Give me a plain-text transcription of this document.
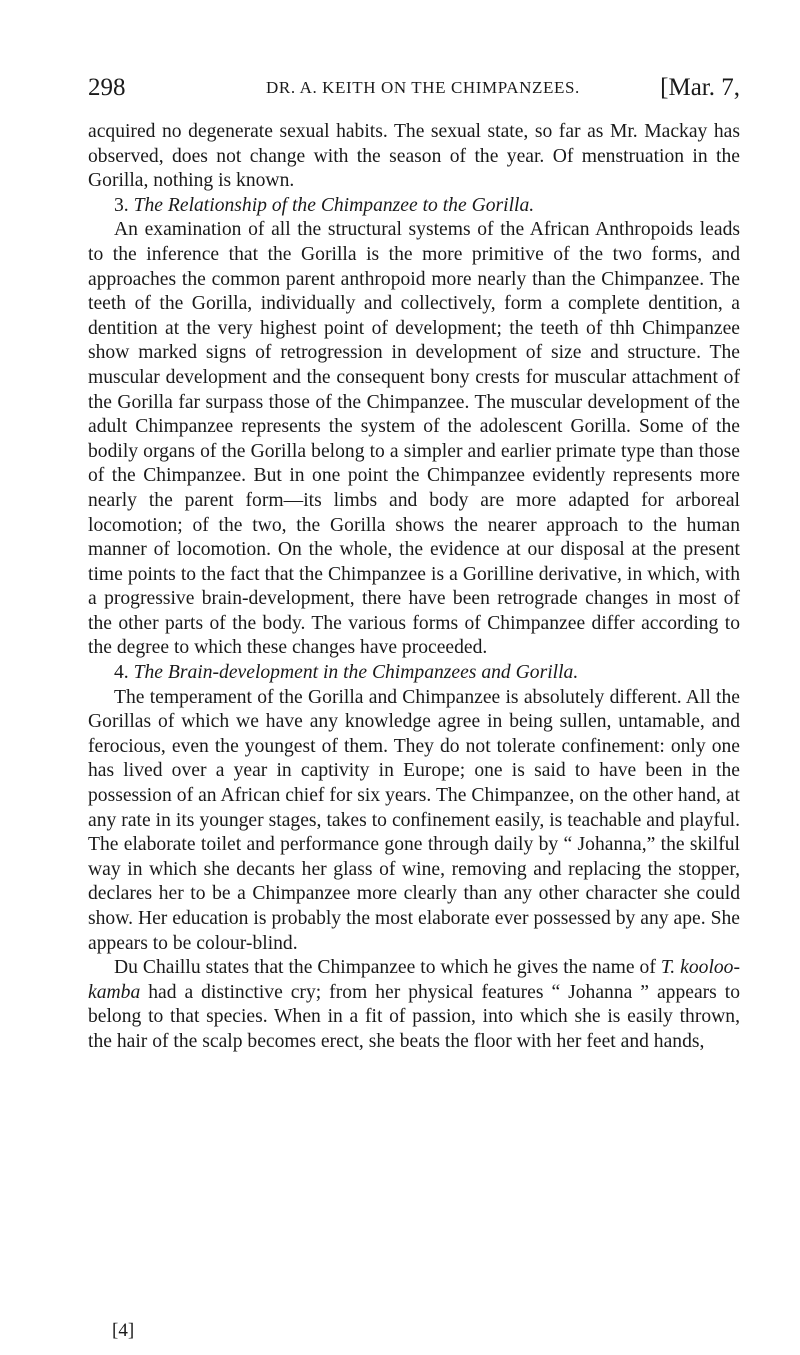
298	DR. A. KEITH ON THE CHIMPANZEES.	[Mar. 7,

acquired no degenerate sexual habits. The sexual state, so far as Mr. Mackay has observed, does not change with the season of the year. Of menstruation in the Gorilla, nothing is known.

3. The Relationship of the Chimpanzee to the Gorilla.

An examination of all the structural systems of the African Anthropoids leads to the inference that the Gorilla is the more primitive of the two forms, and approaches the common parent anthropoid more nearly than the Chimpanzee. The teeth of the Gorilla, individually and collectively, form a complete dentition, a dentition at the very highest point of development; the teeth of thh Chimpanzee show marked signs of retrogression in development of size and structure. The muscular development and the consequent bony crests for muscular attachment of the Gorilla far surpass those of the Chimpanzee. The muscular development of the adult Chimpanzee represents the system of the adolescent Gorilla. Some of the bodily organs of the Gorilla belong to a simpler and earlier primate type than those of the Chimpanzee. But in one point the Chimpanzee evidently represents more nearly the parent form—its limbs and body are more adapted for arboreal locomotion; of the two, the Gorilla shows the nearer approach to the human manner of locomotion. On the whole, the evidence at our disposal at the present time points to the fact that the Chimpanzee is a Gorilline derivative, in which, with a progressive brain-development, there have been retrograde changes in most of the other parts of the body. The various forms of Chimpanzee differ according to the degree to which these changes have proceeded.

4. The Brain-development in the Chimpanzees and Gorilla.

The temperament of the Gorilla and Chimpanzee is absolutely different. All the Gorillas of which we have any knowledge agree in being sullen, untamable, and ferocious, even the youngest of them. They do not tolerate confinement: only one has lived over a year in captivity in Europe; one is said to have been in the possession of an African chief for six years. The Chimpanzee, on the other hand, at any rate in its younger stages, takes to confinement easily, is teachable and playful. The elaborate toilet and performance gone through daily by “ Johanna,” the skilful way in which she decants her glass of wine, removing and replacing the stopper, declares her to be a Chimpanzee more clearly than any other character she could show. Her education is probably the most elaborate ever possessed by any ape. She appears to be colour-blind.

Du Chaillu states that the Chimpanzee to which he gives the name of T. kooloo-kamba had a distinctive cry; from her physical features “ Johanna ” appears to belong to that species. When in a fit of passion, into which she is easily thrown, the hair of the scalp becomes erect, she beats the floor with her feet and hands,

[4]
